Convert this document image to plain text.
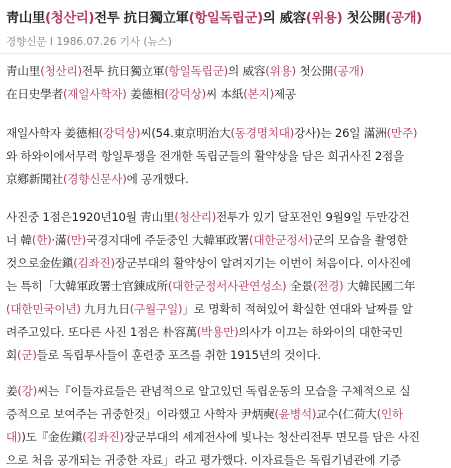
靑山里(청산리)전투 抗日獨立軍(항일독립군)의 威容(위용) 첫公開(공개)
경향신문 I 1986.07.26 기사 (뉴스)
靑山里(청산리)전투 抗日獨立軍(항일독립군)의 威容(위용) 첫公開(공개)
在日史學者(재일사학자) 姜德相(강덕상)씨 本紙(본지)제공
재일사학자 姜德相(강덕상)씨(54.東京明治大(동경명치대)강사)는 26일 滿洲(만주)
와 하와이에서무력 항일투쟁을 전개한 독립군들의 활약상을 담은 희귀사진 2점을
京鄕新聞社(경향신문사)에 공개했다.
사진중 1점은1920년10월 靑山里(청산리)전투가 있기 달포전인 9월9일 두만강건
너 韓(한)·滿(만)국경지대에 주둔중인 大韓軍政署(대한군정서)군의 모습을 촬영한
것으로金佐鎭(김좌진)장군부대의 활약상이 알려지기는 이번이 처음이다. 이사진에
는 특히「大韓軍政署士官鍊成所(대한군정서사관연성소) 全景(전경) 大韓民國二年
(대한민국이년) 九月九日(구월구일)」로 명확히 적혀있어 확실한 연대와 날짜를 알
려주고있다. 또다른 사진 1점은 朴容萬(박용만)의사가 이끄는 하와이의 대한국민
회(군)들로 독립투사들이 훈련중 포즈를 취한 1915년의 것이다.
姜(강)씨는『이들자료들은 관념적으로 알고있던 독립운동의 모습을 구체적으로 실
증적으로 보여주는 귀중한것」이라했고 사학자 尹炳奭(윤병석)교수(仁荷大(인하
대))도『金佐鎭(김좌진)장군부대의 세계전사에 빛나는 청산리전투 면모를 담은 사진
으로 처음 공개되는 귀중한 자료」라고 평가했다. 이자료들은 독립기념관에 기증
